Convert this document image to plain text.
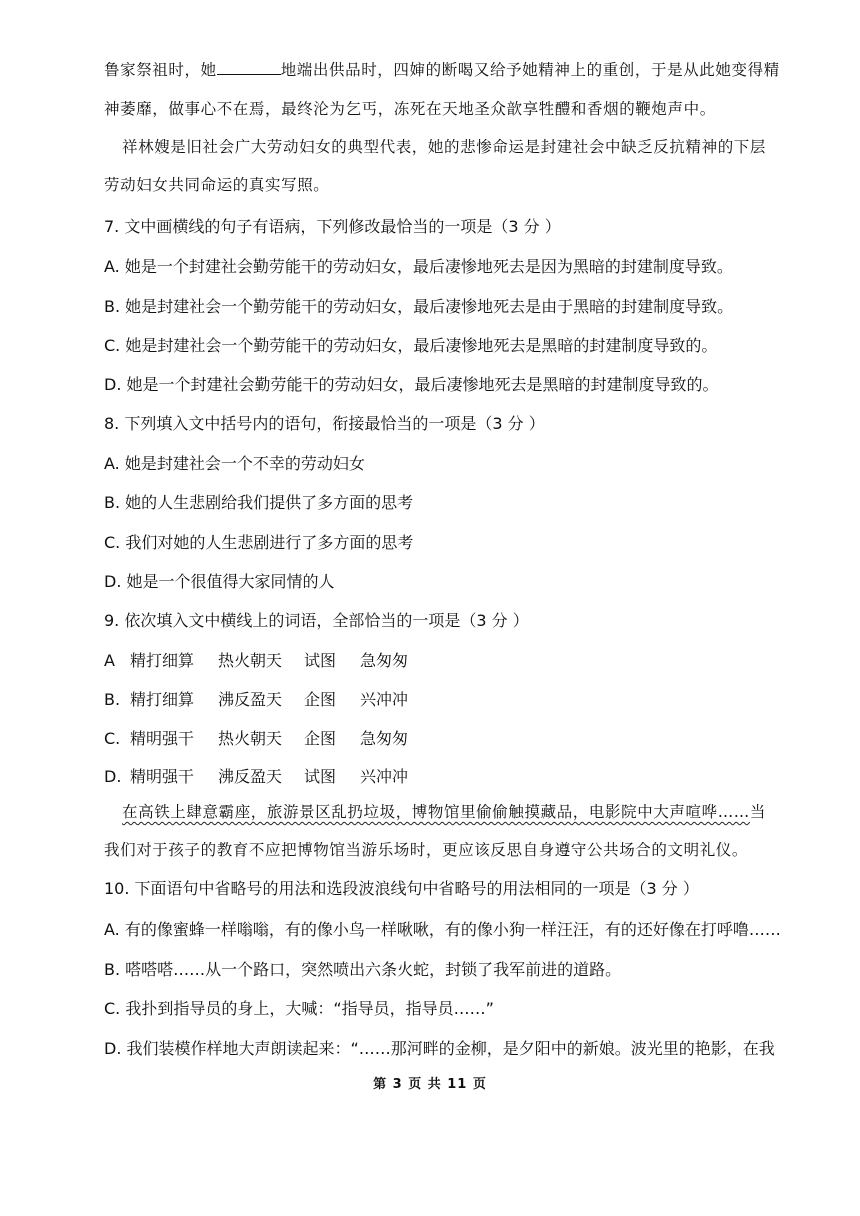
鲁家祭祖时，她	地端出供品时，四婶的断喝又给予她精神上的重创，于是从此她变得精
神萎靡，做事心不在焉，最终沦为乞丐，冻死在天地圣众歆享牲醴和香烟的鞭炮声中。
祥林嫂是旧社会广大劳动妇女的典型代表，她的悲惨命运是封建社会中缺乏反抗精神的下层
劳动妇女共同命运的真实写照。
7. 文中画横线的句子有语病，下列修改最恰当的一项是（3 分 ）
A. 她是一个封建社会勤劳能干的劳动妇女，最后凄惨地死去是因为黑暗的封建制度导致。
B. 她是封建社会一个勤劳能干的劳动妇女，最后凄惨地死去是由于黑暗的封建制度导致。
C. 她是封建社会一个勤劳能干的劳动妇女，最后凄惨地死去是黑暗的封建制度导致的。
D. 她是一个封建社会勤劳能干的劳动妇女，最后凄惨地死去是黑暗的封建制度导致的。
8. 下列填入文中括号内的语句，衔接最恰当的一项是（3 分 ）
A. 她是封建社会一个不幸的劳动妇女
B. 她的人生悲剧给我们提供了多方面的思考
C. 我们对她的人生悲剧进行了多方面的思考
D. 她是一个很值得大家同情的人
9. 依次填入文中横线上的词语，全部恰当的一项是（3 分 ）
A 精打细算 热火朝天 试图 急匆匆
B. 精打细算 沸反盈天 企图 兴冲冲
C. 精明强干 热火朝天 企图 急匆匆
D. 精明强干 沸反盈天 试图 兴冲冲
在高铁上肆意霸座，旅游景区乱扔垃圾，博物馆里偷偷触摸藏品，电影院中大声喧哗……当
我们对于孩子的教育不应把博物馆当游乐场时，更应该反思自身遵守公共场合的文明礼仪。
10. 下面语句中省略号的用法和选段波浪线句中省略号的用法相同的一项是（3 分 ）
A. 有的像蜜蜂一样嗡嗡，有的像小鸟一样啾啾，有的像小狗一样汪汪，有的还好像在打呼噜……
B. 嗒嗒嗒……从一个路口，突然喷出六条火蛇，封锁了我军前进的道路。
C. 我扑到指导员的身上，大喊：“指导员，指导员……”
D. 我们装模作样地大声朗读起来：“……那河畔的金柳，是夕阳中的新娘。波光里的艳影，在我
第 3 页 共 11 页
